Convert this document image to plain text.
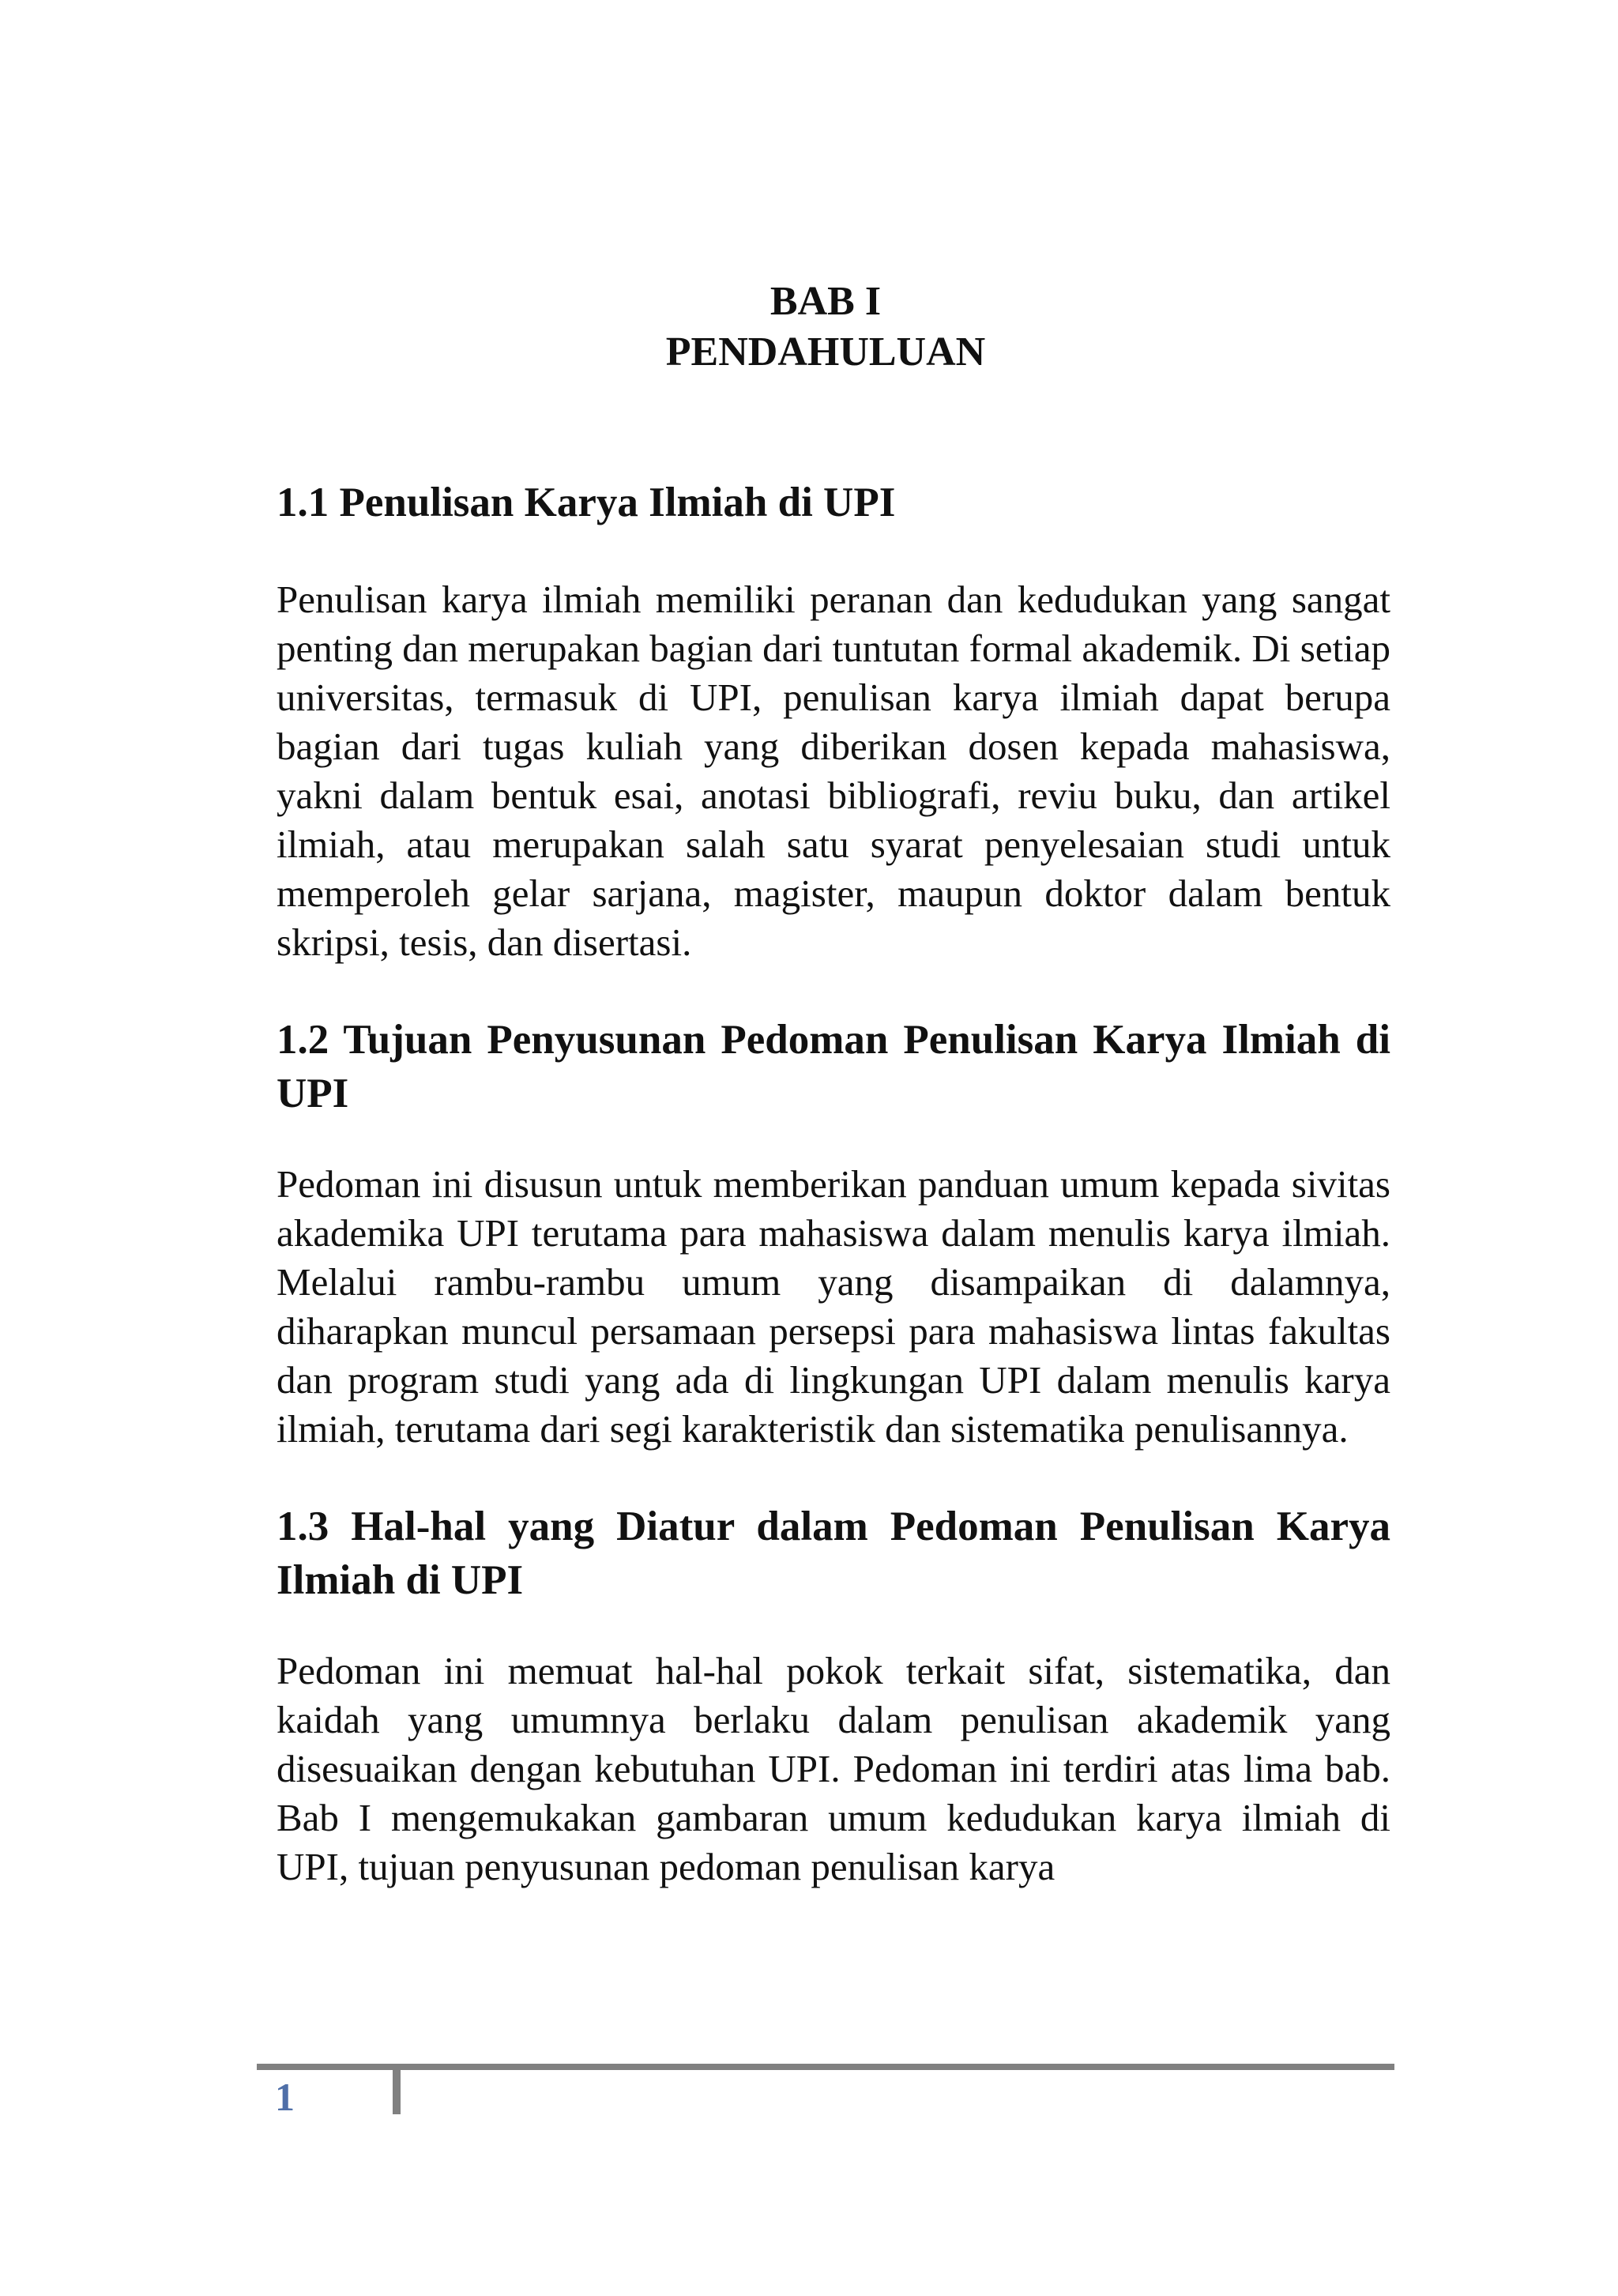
BAB I
PENDAHULUAN
1.1 Penulisan Karya Ilmiah di UPI

Penulisan karya ilmiah memiliki peranan dan kedudukan yang sangat penting dan merupakan bagian dari tuntutan formal akademik. Di setiap universitas, termasuk di UPI, penulisan karya ilmiah dapat berupa bagian dari tugas kuliah yang diberikan dosen kepada mahasiswa, yakni dalam bentuk esai, anotasi bibliografi, reviu buku, dan artikel ilmiah, atau merupakan salah satu syarat penyelesaian studi untuk memperoleh gelar sarjana, magister, maupun doktor dalam bentuk skripsi, tesis, dan disertasi.

1.2 Tujuan Penyusunan Pedoman Penulisan Karya Ilmiah di UPI

Pedoman ini disusun untuk memberikan panduan umum kepada sivitas akademika UPI terutama para mahasiswa dalam menulis karya ilmiah. Melalui rambu-rambu umum yang disampaikan di dalamnya, diharapkan muncul persamaan persepsi para mahasiswa lintas fakultas dan program studi yang ada di lingkungan UPI dalam menulis karya ilmiah, terutama dari segi karakteristik dan sistematika penulisannya.

1.3 Hal-hal yang Diatur dalam Pedoman Penulisan Karya Ilmiah di UPI

Pedoman ini memuat hal-hal pokok terkait sifat, sistematika, dan kaidah yang umumnya berlaku dalam penulisan akademik yang disesuaikan dengan kebutuhan UPI. Pedoman ini terdiri atas lima bab. Bab I mengemukakan gambaran umum kedudukan karya ilmiah di UPI, tujuan penyusunan pedoman penulisan karya

1
